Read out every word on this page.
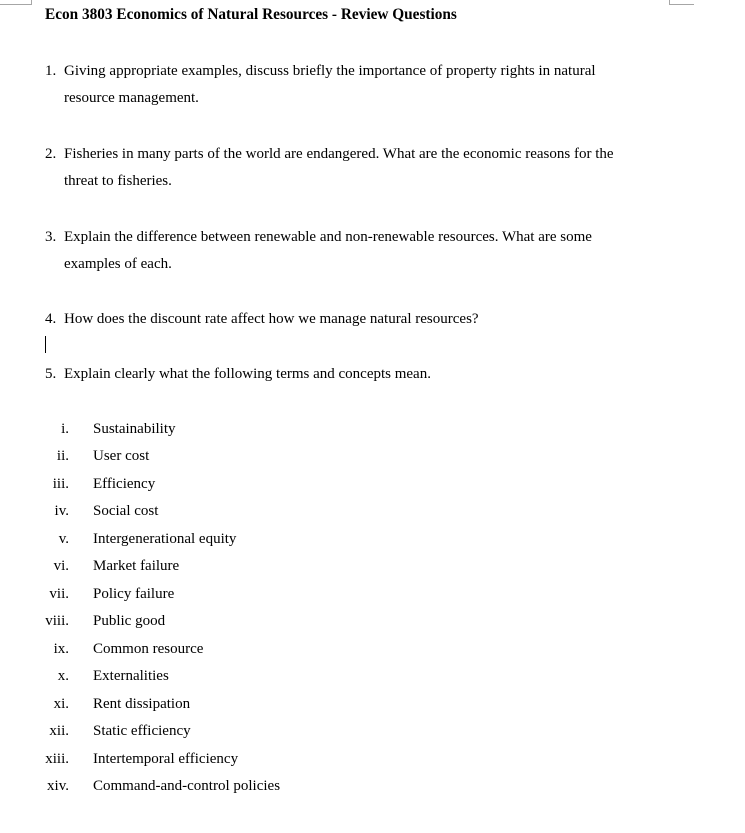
Econ 3803 Economics of Natural Resources - Review Questions
1. Giving appropriate examples, discuss briefly the importance of property rights in natural
resource management.
2. Fisheries in many parts of the world are endangered. What are the economic reasons for the
threat to fisheries.
3. Explain the difference between renewable and non-renewable resources. What are some
examples of each.
4. How does the discount rate affect how we manage natural resources?
5. Explain clearly what the following terms and concepts mean.
i. Sustainability
ii. User cost
iii. Efficiency
iv. Social cost
v. Intergenerational equity
vi. Market failure
vii. Policy failure
viii. Public good
ix. Common resource
x. Externalities
xi. Rent dissipation
xii. Static efficiency
xiii. Intertemporal efficiency
xiv. Command-and-control policies
